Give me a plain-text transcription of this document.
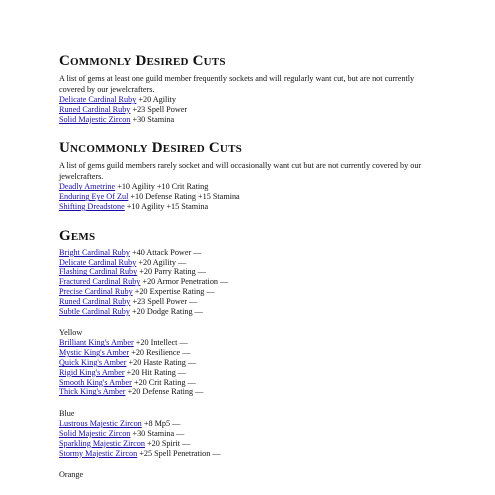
Commonly Desired Cuts

A list of gems at least one guild member frequently sockets and will regularly want cut, but are not currently covered by our jewelcrafters.

Delicate Cardinal Ruby +20 Agility
Runed Cardinal Ruby +23 Spell Power
Solid Majestic Zircon +30 Stamina
Uncommonly Desired Cuts

A list of gems guild members rarely socket and will occasionally want cut but are not currently covered by our jewelcrafters.

Deadly Ametrine +10 Agility +10 Crit Rating
Enduring Eye Of Zul +10 Defense Rating +15 Stamina
Shifting Dreadstone +10 Agility +15 Stamina
Gems
Bright Cardinal Ruby +40 Attack Power —
Delicate Cardinal Ruby +20 Agility —
Flashing Cardinal Ruby +20 Parry Rating —
Fractured Cardinal Ruby +20 Armor Penetration —
Precise Cardinal Ruby +20 Expertise Rating —
Runed Cardinal Ruby +23 Spell Power —
Subtle Cardinal Ruby +20 Dodge Rating —
Yellow
Brilliant King's Amber +20 Intellect —
Mystic King's Amber +20 Resilience —
Quick King's Amber +20 Haste Rating —
Rigid King's Amber +20 Hit Rating —
Smooth King's Amber +20 Crit Rating —
Thick King's Amber +20 Defense Rating —
Blue
Lustrous Majestic Zircon +8 Mp5 —
Solid Majestic Zircon +30 Stamina —
Sparkling Majestic Zircon +20 Spirit —
Stormy Majestic Zircon +25 Spell Penetration —
Orange
